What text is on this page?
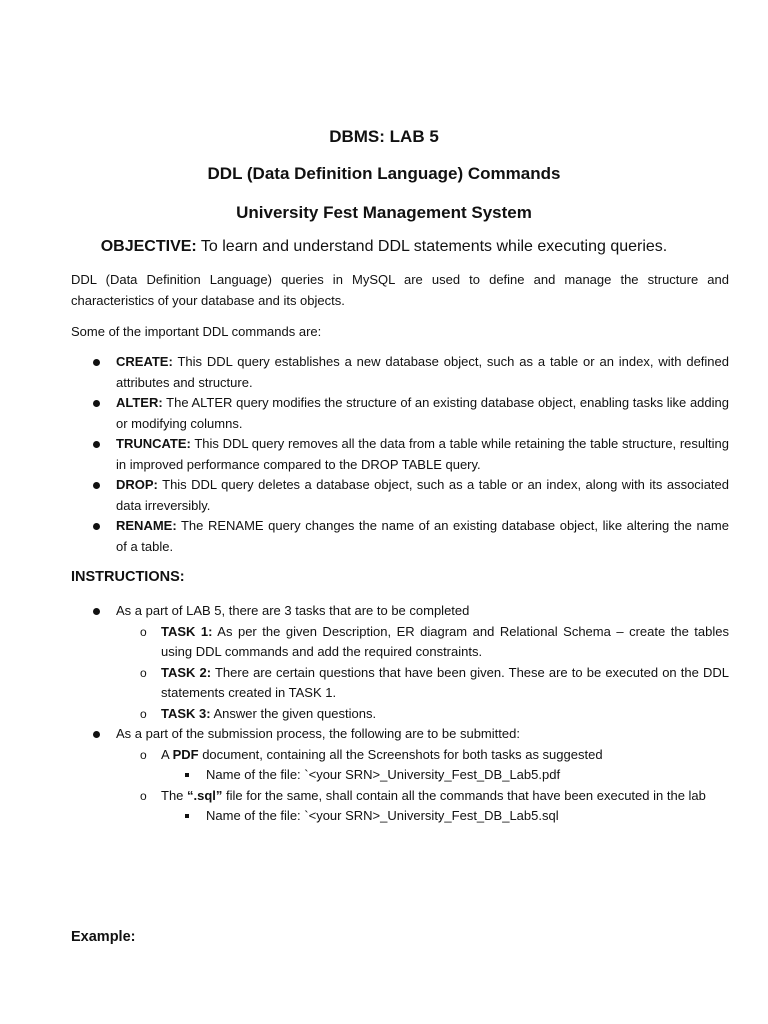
DBMS: LAB 5
DDL (Data Definition Language) Commands
University Fest Management System

OBJECTIVE: To learn and understand DDL statements while executing queries.

DDL (Data Definition Language) queries in MySQL are used to define and manage the structure and characteristics of your database and its objects.

Some of the important DDL commands are:

CREATE: This DDL query establishes a new database object, such as a table or an index, with defined attributes and structure.
ALTER: The ALTER query modifies the structure of an existing database object, enabling tasks like adding or modifying columns.
TRUNCATE: This DDL query removes all the data from a table while retaining the table structure, resulting in improved performance compared to the DROP TABLE query.
DROP: This DDL query deletes a database object, such as a table or an index, along with its associated data irreversibly.
RENAME: The RENAME query changes the name of an existing database object, like altering the name of a table.
INSTRUCTIONS:
As a part of LAB 5, there are 3 tasks that are to be completed
o TASK 1: As per the given Description, ER diagram and Relational Schema – create the tables using DDL commands and add the required constraints.
o TASK 2: There are certain questions that have been given. These are to be executed on the DDL statements created in TASK 1.
o TASK 3: Answer the given questions.
As a part of the submission process, the following are to be submitted:
o A PDF document, containing all the Screenshots for both tasks as suggested
Name of the file: `<your SRN>_University_Fest_DB_Lab5.pdf
o The “.sql” file for the same, shall contain all the commands that have been executed in the lab
Name of the file: `<your SRN>_University_Fest_DB_Lab5.sql
Example:
